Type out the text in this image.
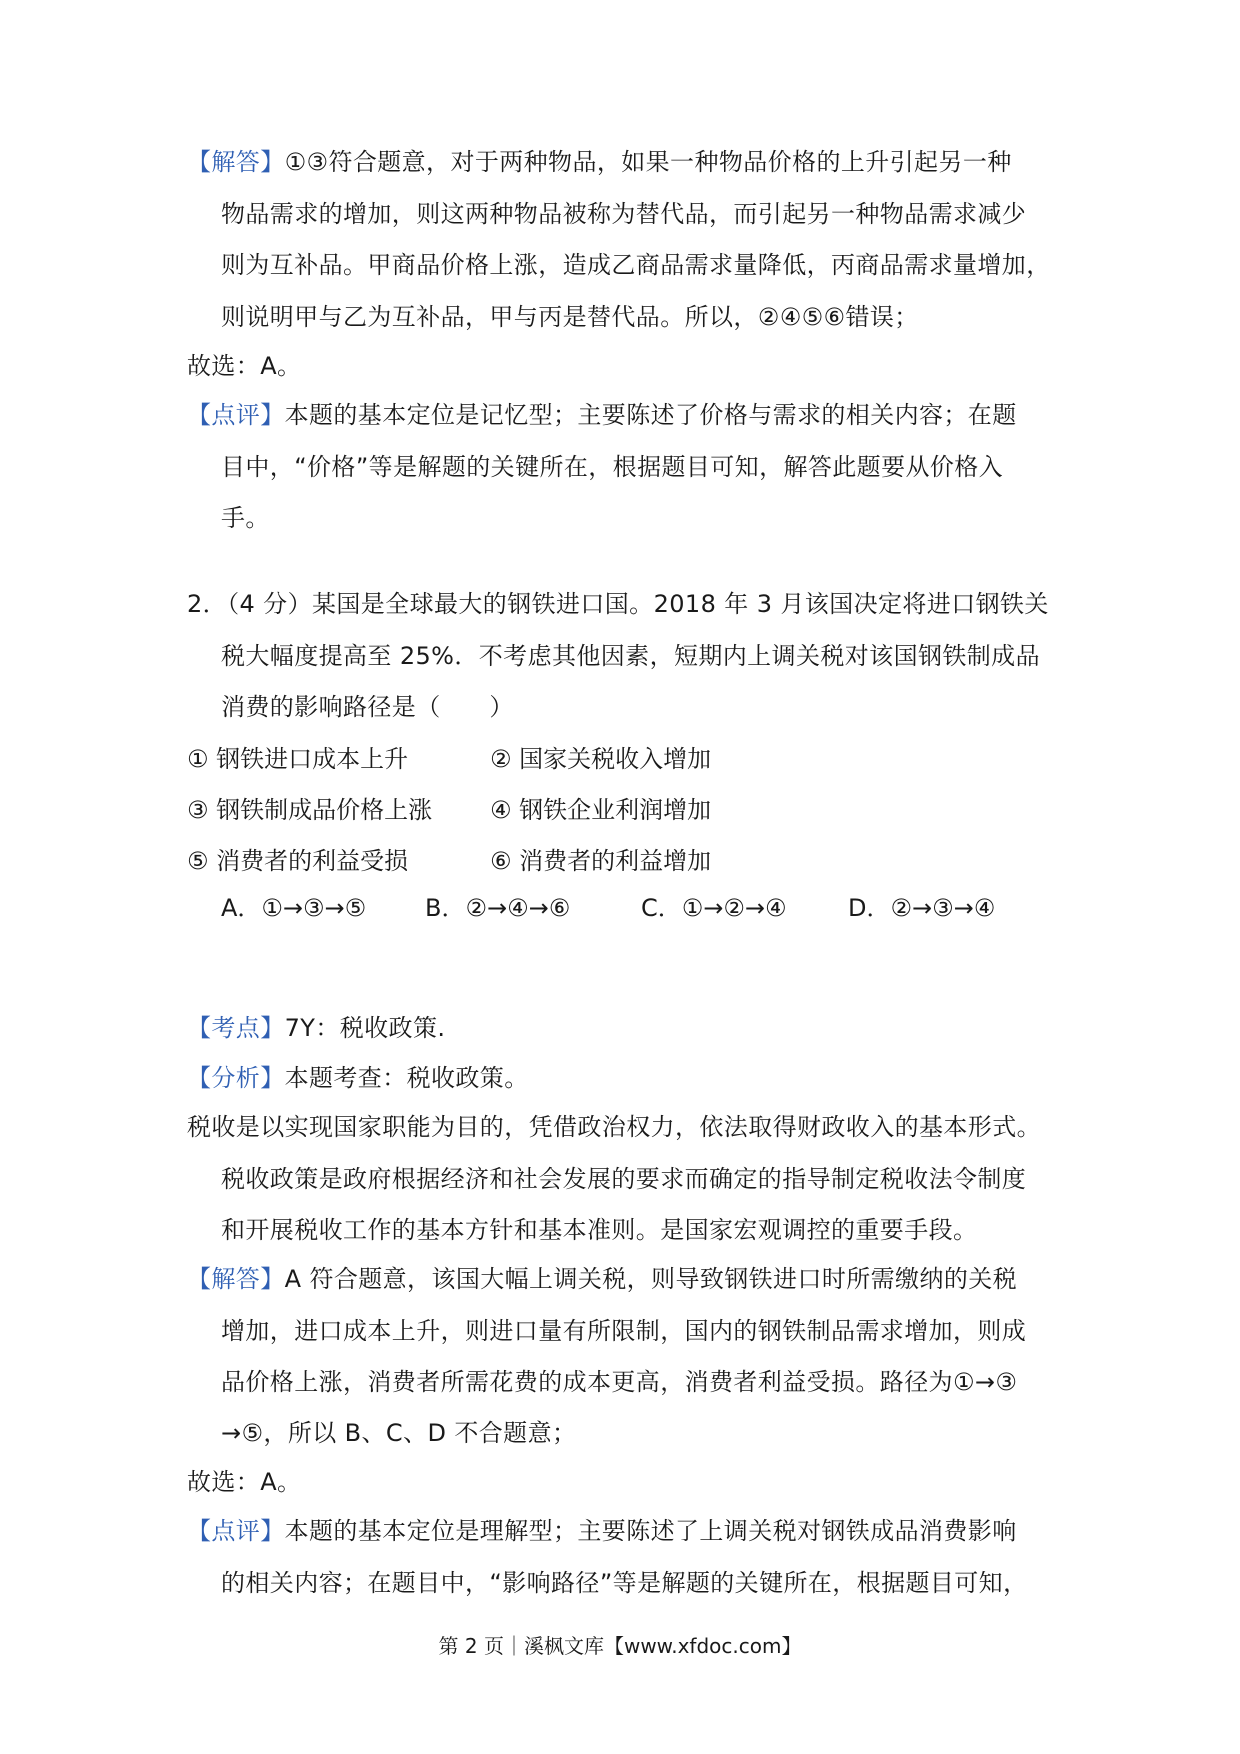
【解答】①③符合题意，对于两种物品，如果一种物品价格的上升引起另一种
物品需求的增加，则这两种物品被称为替代品，而引起另一种物品需求减少
则为互补品。甲商品价格上涨，造成乙商品需求量降低，丙商品需求量增加，
则说明甲与乙为互补品，甲与丙是替代品。所以，②④⑤⑥错误；
故选：A。
【点评】本题的基本定位是记忆型；主要陈述了价格与需求的相关内容；在题
目中，“价格”等是解题的关键所在，根据题目可知，解答此题要从价格入
手。
2．（4 分）某国是全球最大的钢铁进口国。2018 年 3 月该国决定将进口钢铁关
税大幅度提高至 25%．不考虑其他因素，短期内上调关税对该国钢铁制成品
消费的影响路径是（　　）
① 钢铁进口成本上升	② 国家关税收入增加
③ 钢铁制成品价格上涨 ④ 钢铁企业利润增加
⑤ 消费者的利益受损	⑥ 消费者的利益增加
A．①→③→⑤ B．②→④→⑥	C．①→②→④	D．②→③→④
【考点】7Y：税收政策.
【分析】本题考查：税收政策。
税收是以实现国家职能为目的，凭借政治权力，依法取得财政收入的基本形式。
税收政策是政府根据经济和社会发展的要求而确定的指导制定税收法令制度
和开展税收工作的基本方针和基本准则。是国家宏观调控的重要手段。
【解答】A 符合题意，该国大幅上调关税，则导致钢铁进口时所需缴纳的关税
增加，进口成本上升，则进口量有所限制，国内的钢铁制品需求增加，则成
品价格上涨，消费者所需花费的成本更高，消费者利益受损。路径为①→③
→⑤，所以 B、C、D 不合题意；
故选：A。
【点评】本题的基本定位是理解型；主要陈述了上调关税对钢铁成品消费影响
的相关内容；在题目中，“影响路径”等是解题的关键所在，根据题目可知，
第 2 页｜溪枫文库【www.xfdoc.com】
